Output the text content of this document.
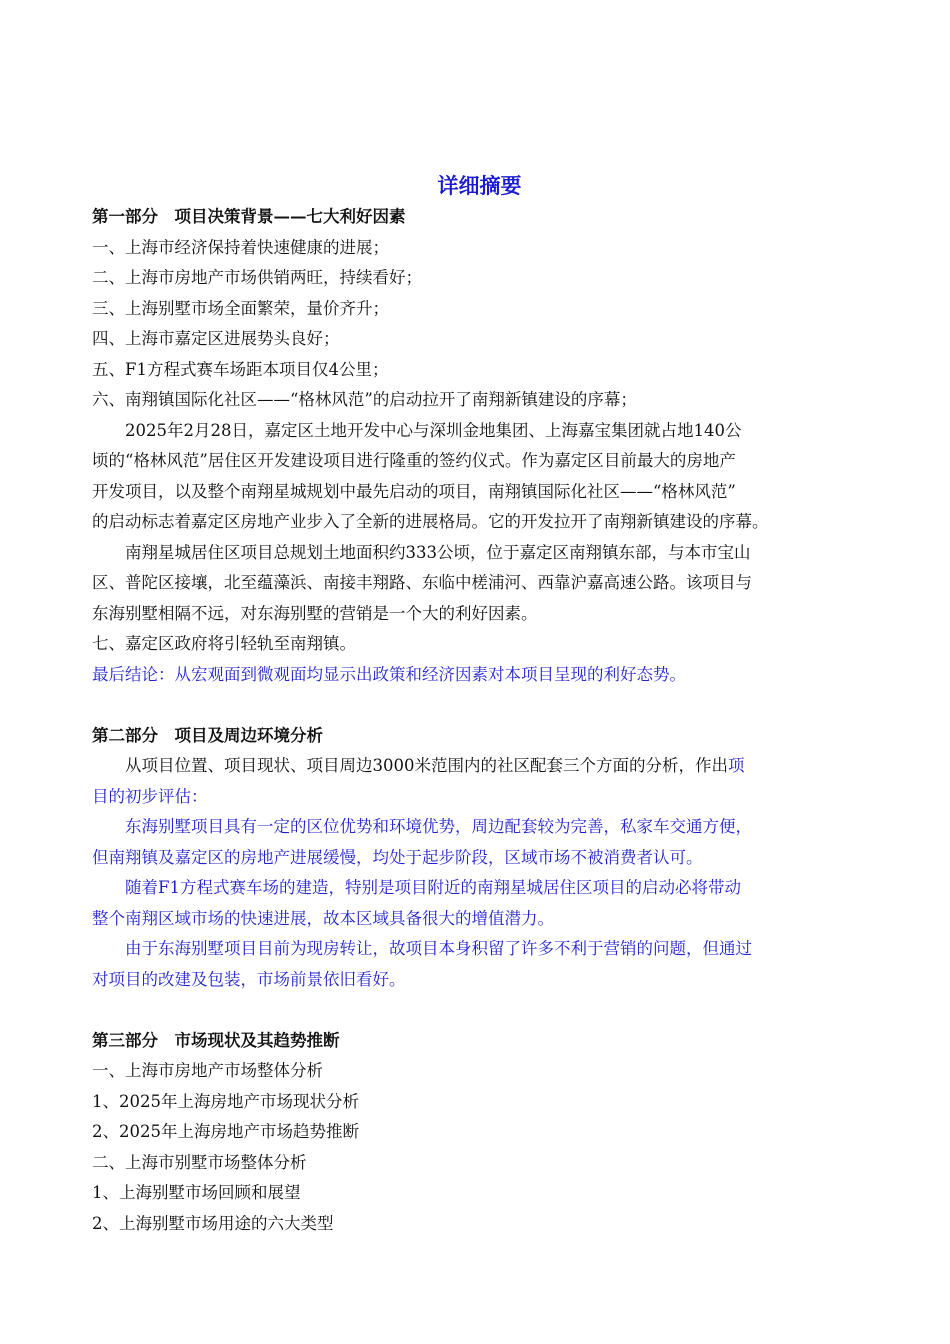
详细摘要
第一部分　项目决策背景——七大利好因素
一、上海市经济保持着快速健康的进展；
二、上海市房地产市场供销两旺，持续看好；
三、上海别墅市场全面繁荣，量价齐升；
四、上海市嘉定区进展势头良好；
五、F1方程式赛车场距本项目仅4公里；
六、南翔镇国际化社区——“格林风范”的启动拉开了南翔新镇建设的序幕；
2025年2月28日，嘉定区土地开发中心与深圳金地集团、上海嘉宝集团就占地140公
顷的“格林风范”居住区开发建设项目进行隆重的签约仪式。作为嘉定区目前最大的房地产
开发项目，以及整个南翔星城规划中最先启动的项目，南翔镇国际化社区——“格林风范”
的启动标志着嘉定区房地产业步入了全新的进展格局。它的开发拉开了南翔新镇建设的序幕。
南翔星城居住区项目总规划土地面积约333公顷，位于嘉定区南翔镇东部，与本市宝山
区、普陀区接壤，北至蕴藻浜、南接丰翔路、东临中槎浦河、西靠沪嘉高速公路。该项目与
东海别墅相隔不远，对东海别墅的营销是一个大的利好因素。
七、嘉定区政府将引轻轨至南翔镇。
最后结论：从宏观面到微观面均显示出政策和经济因素对本项目呈现的利好态势。
第二部分　项目及周边环境分析
从项目位置、项目现状、项目周边3000米范围内的社区配套三个方面的分析，作出项
目的初步评估：
东海别墅项目具有一定的区位优势和环境优势，周边配套较为完善，私家车交通方便，
但南翔镇及嘉定区的房地产进展缓慢，均处于起步阶段，区域市场不被消费者认可。
随着F1方程式赛车场的建造，特别是项目附近的南翔星城居住区项目的启动必将带动
整个南翔区域市场的快速进展，故本区域具备很大的增值潜力。
由于东海别墅项目目前为现房转让，故项目本身积留了许多不利于营销的问题，但通过
对项目的改建及包装，市场前景依旧看好。
第三部分　市场现状及其趋势推断
一、上海市房地产市场整体分析
1、2025年上海房地产市场现状分析
2、2025年上海房地产市场趋势推断
二、上海市别墅市场整体分析
1、上海别墅市场回顾和展望
2、上海别墅市场用途的六大类型
